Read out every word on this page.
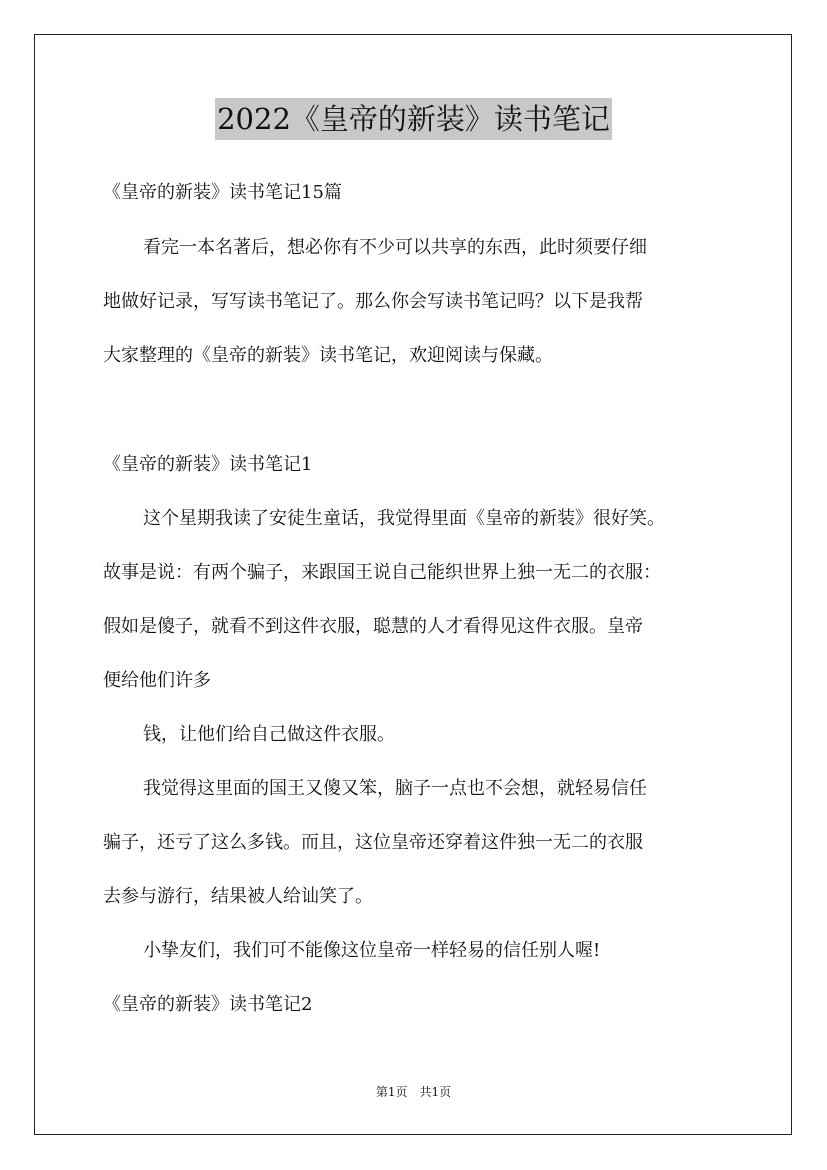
2022《皇帝的新装》读书笔记
《皇帝的新装》读书笔记15篇
看完一本名著后，想必你有不少可以共享的东西，此时须要仔细
地做好记录，写写读书笔记了。那么你会写读书笔记吗？以下是我帮
大家整理的《皇帝的新装》读书笔记，欢迎阅读与保藏。
《皇帝的新装》读书笔记1
这个星期我读了安徒生童话，我觉得里面《皇帝的新装》很好笑。
故事是说：有两个骗子，来跟国王说自己能织世界上独一无二的衣服：
假如是傻子，就看不到这件衣服，聪慧的人才看得见这件衣服。皇帝
便给他们许多
钱，让他们给自己做这件衣服。
我觉得这里面的国王又傻又笨，脑子一点也不会想，就轻易信任
骗子，还亏了这么多钱。而且，这位皇帝还穿着这件独一无二的衣服
去参与游行，结果被人给讪笑了。
小挚友们，我们可不能像这位皇帝一样轻易的信任别人喔!
《皇帝的新装》读书笔记2
第1页　共1页
